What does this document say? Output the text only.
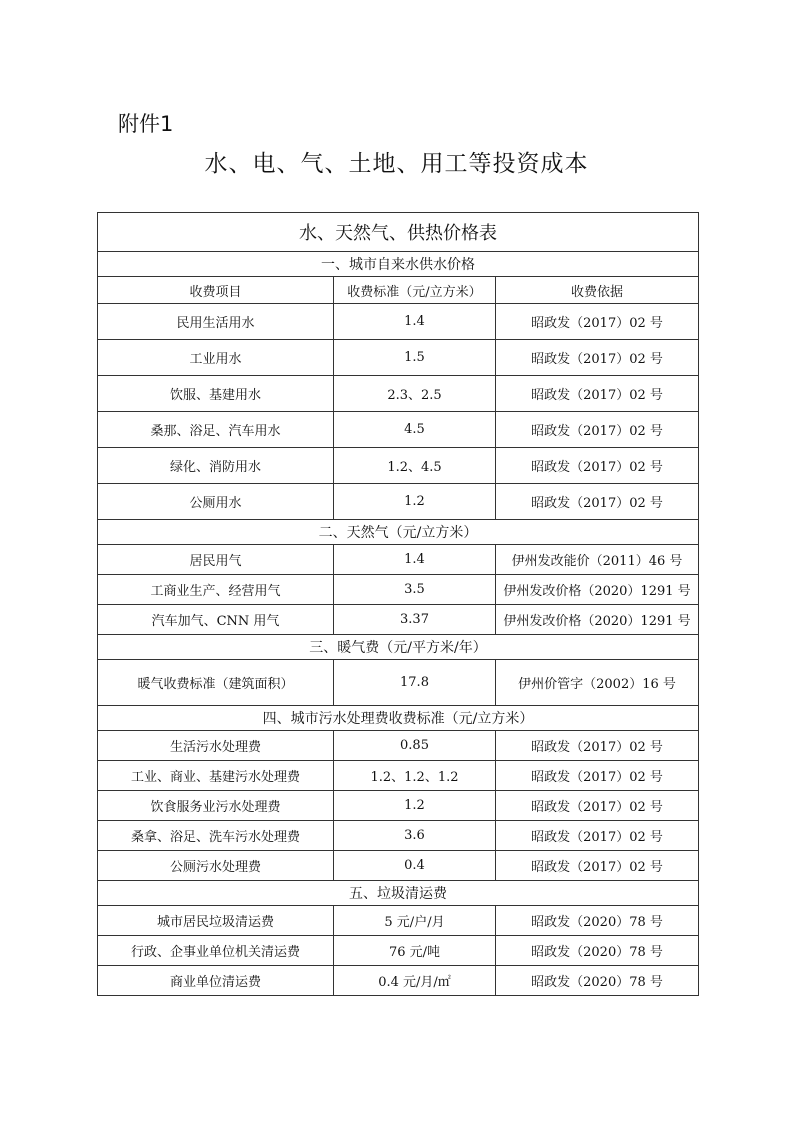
附件1
水、电、气、土地、用工等投资成本
水、天然气、供热价格表		
一、城市自来水供水价格		
收费项目	收费标准（元/立方米）	收费依据
民用生活用水	1.4	昭政发（2017）02 号
工业用水	1.5	昭政发（2017）02 号
饮服、基建用水	2.3、2.5	昭政发（2017）02 号
桑那、浴足、汽车用水	4.5	昭政发（2017）02 号
绿化、消防用水	1.2、4.5	昭政发（2017）02 号
公厕用水	1.2	昭政发（2017）02 号
二、天然气（元/立方米）		
居民用气	1.4	伊州发改能价（2011）46 号
工商业生产、经营用气	3.5	伊州发改价格（2020）1291 号
汽车加气、CNN 用气	3.37	伊州发改价格（2020）1291 号
三、暖气费（元/平方米/年）		
暖气收费标准（建筑面积）	17.8	伊州价管字（2002）16 号
四、城市污水处理费收费标准（元/立方米）		
生活污水处理费	0.85	昭政发（2017）02 号
工业、商业、基建污水处理费	1.2、1.2、1.2	昭政发（2017）02 号
饮食服务业污水处理费	1.2	昭政发（2017）02 号
桑拿、浴足、洗车污水处理费	3.6	昭政发（2017）02 号
公厕污水处理费	0.4	昭政发（2017）02 号
五、垃圾清运费		
城市居民垃圾清运费	5 元/户/月	昭政发（2020）78 号
行政、企事业单位机关清运费	76 元/吨	昭政发（2020）78 号
商业单位清运费	0.4 元/月/㎡	昭政发（2020）78 号
